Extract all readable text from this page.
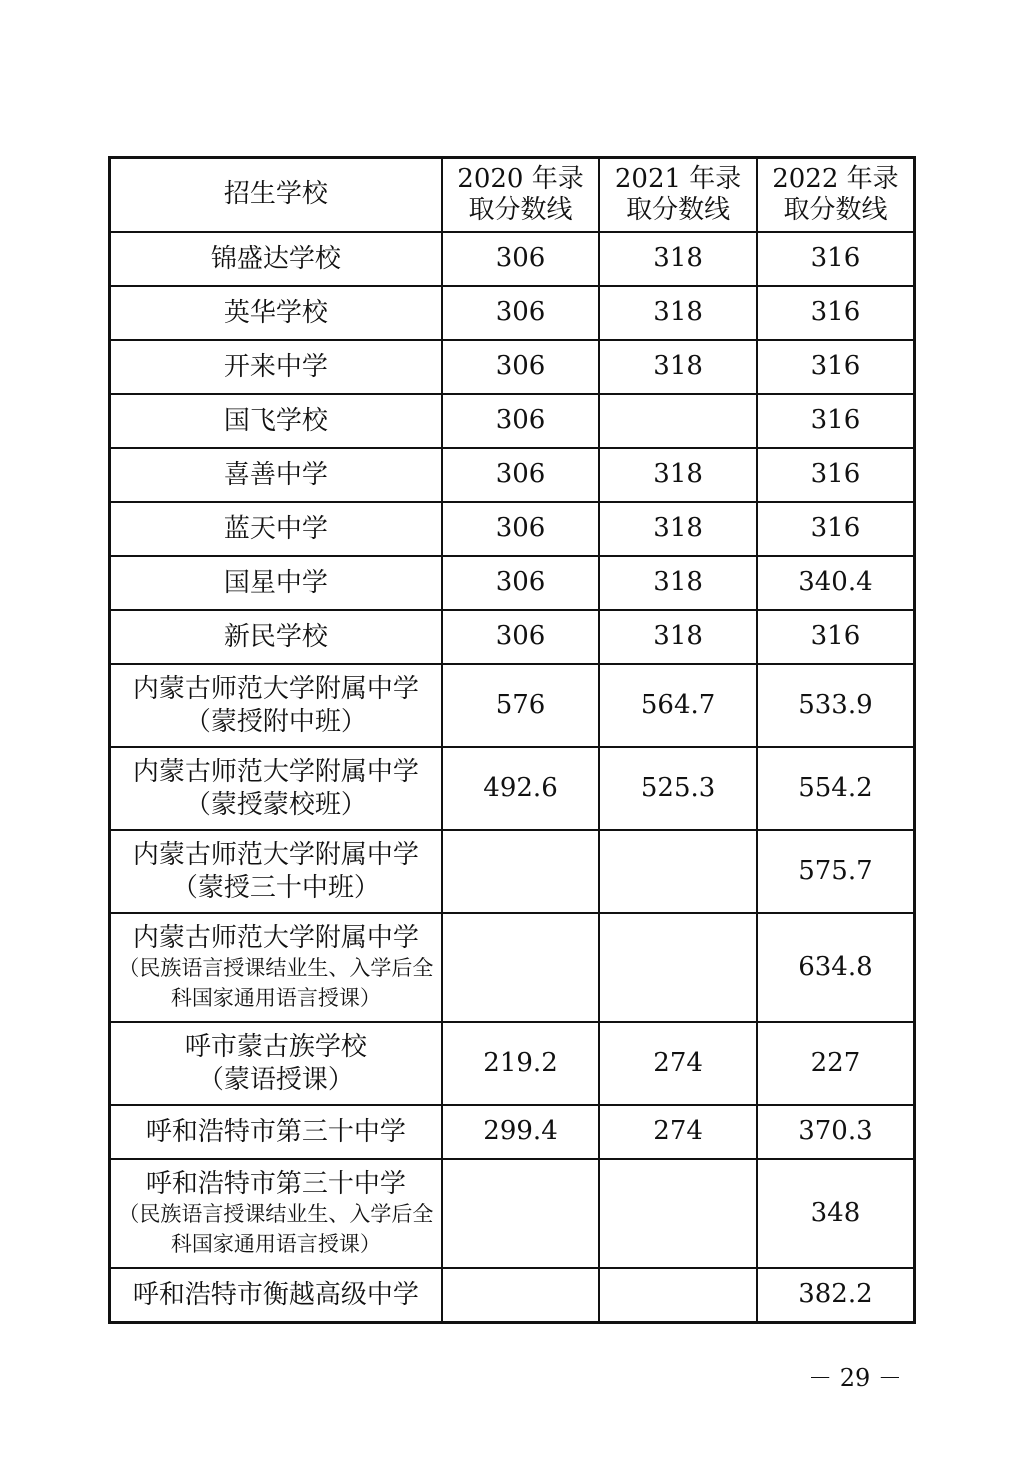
招生学校	2020 年录取分数线	2021 年录取分数线	2022 年录取分数线

锦盛达学校	306	318	316

英华学校	306	318	316

开来中学	306	318	316

国飞学校	306		316

喜善中学	306	318	316

蓝天中学	306	318	316

国星中学	306	318	340.4

新民学校	306	318	316

内蒙古师范大学附属中学
（蒙授附中班）	576	564.7	533.9

内蒙古师范大学附属中学
（蒙授蒙校班）	492.6	525.3	554.2

内蒙古师范大学附属中学
（蒙授三十中班）			575.7

内蒙古师范大学附属中学
（民族语言授课结业生、入学后全科国家通用语言授课）			634.8

呼市蒙古族学校
（蒙语授课）	219.2	274	227

呼和浩特市第三十中学	299.4	274	370.3

呼和浩特市第三十中学
（民族语言授课结业生、入学后全科国家通用语言授课）			348

呼和浩特市衡越高级中学			382.2
－ 29 －
